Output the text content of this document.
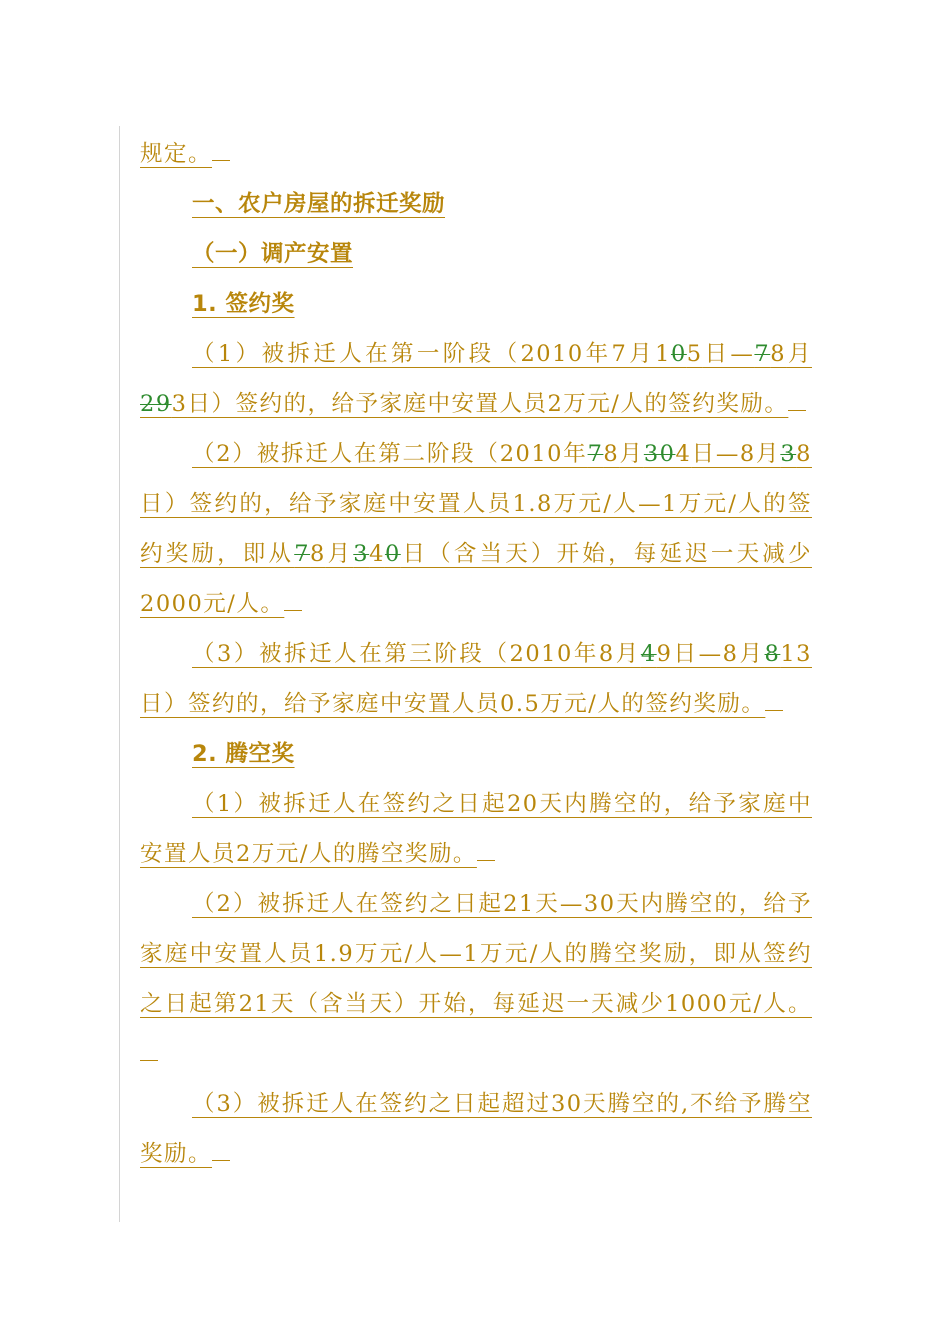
规定。

一、农户房屋的拆迁奖励

（一）调产安置

1. 签约奖

（1）被拆迁人在第一阶段（2010年7月105日—78月293日）签约的，给予家庭中安置人员2万元/人的签约奖励。

（2）被拆迁人在第二阶段（2010年78月304日—8月38日）签约的，给予家庭中安置人员1.8万元/人—1万元/人的签约奖励，即从78月340日（含当天）开始，每延迟一天减少2000元/人。

（3）被拆迁人在第三阶段（2010年8月49日—8月813日）签约的，给予家庭中安置人员0.5万元/人的签约奖励。

2. 腾空奖

（1）被拆迁人在签约之日起20天内腾空的，给予家庭中安置人员2万元/人的腾空奖励。

（2）被拆迁人在签约之日起21天—30天内腾空的，给予家庭中安置人员1.9万元/人—1万元/人的腾空奖励，即从签约之日起第21天（含当天）开始，每延迟一天减少1000元/人。

（3）被拆迁人在签约之日起超过30天腾空的,不给予腾空奖励。
